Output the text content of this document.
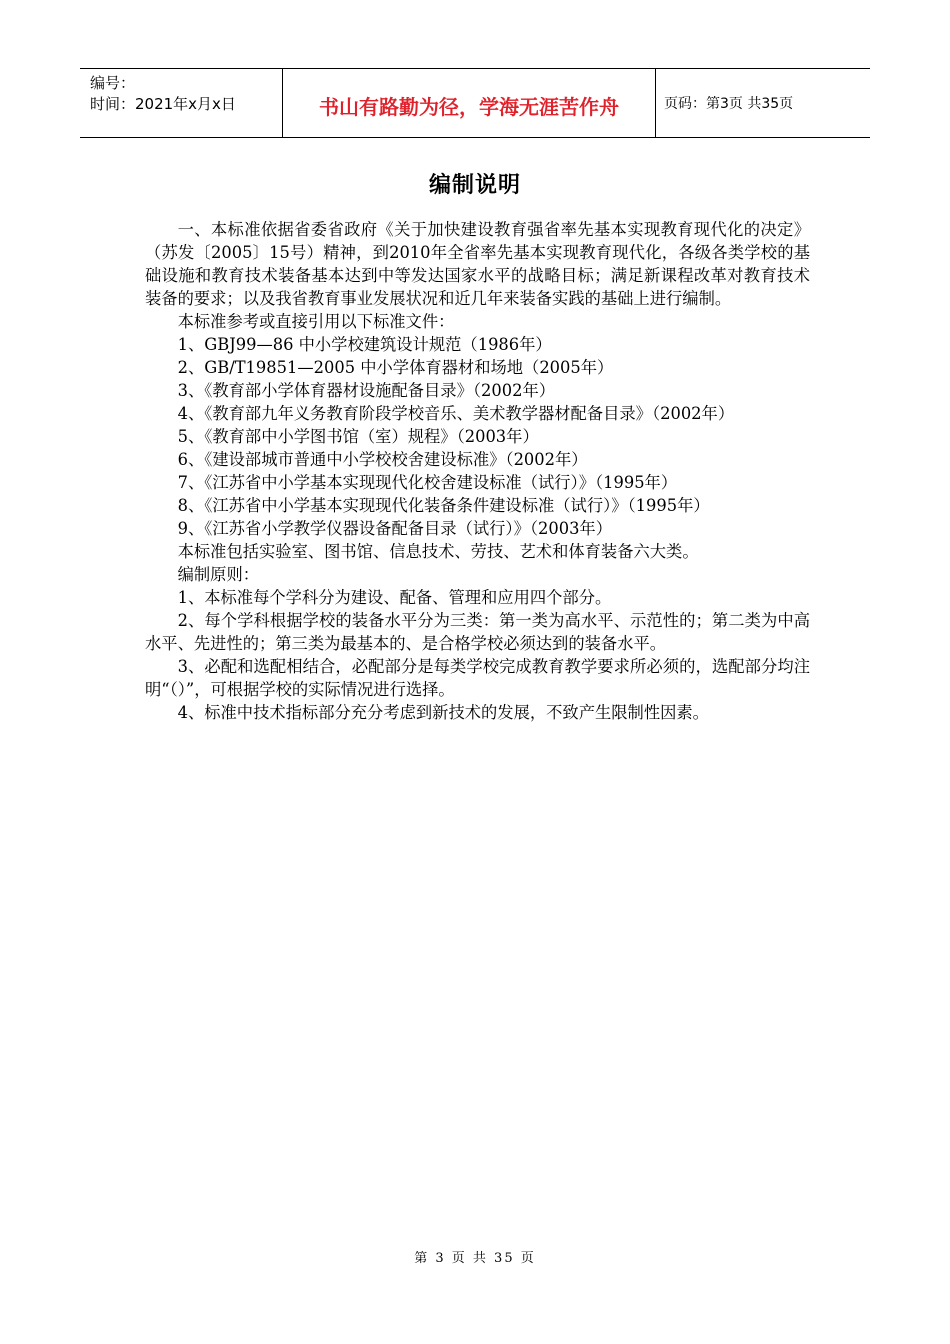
编号：
时间：2021年x月x日	书山有路勤为径，学海无涯苦作舟	页码：第3页 共35页
编制说明

一、本标准依据省委省政府《关于加快建设教育强省率先基本实现教育现代化的决定》（苏发〔2005〕15号）精神，到2010年全省率先基本实现教育现代化，各级各类学校的基础设施和教育技术装备基本达到中等发达国家水平的战略目标；满足新课程改革对教育技术装备的要求；以及我省教育事业发展状况和近几年来装备实践的基础上进行编制。

本标准参考或直接引用以下标准文件：

1、GBJ99—86 中小学校建筑设计规范（1986年）

2、GB/T19851—2005 中小学体育器材和场地（2005年）

3、《教育部小学体育器材设施配备目录》（2002年）

4、《教育部九年义务教育阶段学校音乐、美术教学器材配备目录》（2002年）

5、《教育部中小学图书馆（室）规程》（2003年）

6、《建设部城市普通中小学校校舍建设标准》（2002年）

7、《江苏省中小学基本实现现代化校舍建设标准（试行）》（1995年）

8、《江苏省中小学基本实现现代化装备条件建设标准（试行）》（1995年）

9、《江苏省小学教学仪器设备配备目录（试行）》（2003年）

本标准包括实验室、图书馆、信息技术、劳技、艺术和体育装备六大类。

编制原则：

1、本标准每个学科分为建设、配备、管理和应用四个部分。

2、每个学科根据学校的装备水平分为三类：第一类为高水平、示范性的；第二类为中高水平、先进性的；第三类为最基本的、是合格学校必须达到的装备水平。

3、必配和选配相结合，必配部分是每类学校完成教育教学要求所必须的，选配部分均注明“（）”，可根据学校的实际情况进行选择。

4、标准中技术指标部分充分考虑到新技术的发展，不致产生限制性因素。

第 3 页 共 35 页
